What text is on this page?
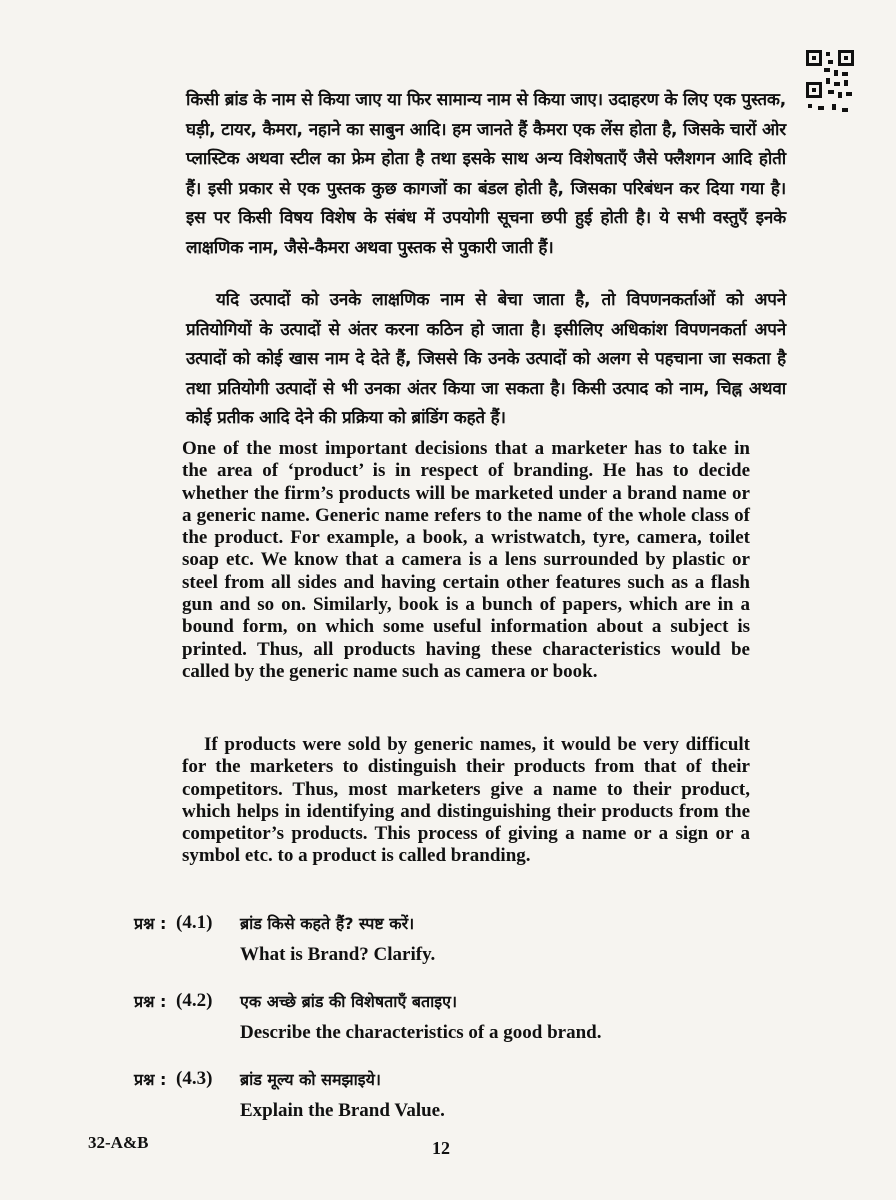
किसी ब्रांड के नाम से किया जाए या फिर सामान्य नाम से किया जाए। उदाहरण के लिए एक पुस्तक, घड़ी, टायर, कैमरा, नहाने का साबुन आदि। हम जानते हैं कैमरा एक लेंस होता है, जिसके चारों ओर प्लास्टिक अथवा स्टील का फ्रेम होता है तथा इसके साथ अन्य विशेषताएँ जैसे फ्लैशगन आदि होती हैं। इसी प्रकार से एक पुस्तक कुछ कागजों का बंडल होती है, जिसका परिबंधन कर दिया गया है। इस पर किसी विषय विशेष के संबंध में उपयोगी सूचना छपी हुई होती है। ये सभी वस्तुएँ इनके लाक्षणिक नाम, जैसे-कैमरा अथवा पुस्तक से पुकारी जाती हैं।
यदि उत्पादों को उनके लाक्षणिक नाम से बेचा जाता है, तो विपणनकर्ताओं को अपने प्रतियोगियों के उत्पादों से अंतर करना कठिन हो जाता है। इसीलिए अधिकांश विपणनकर्ता अपने उत्पादों को कोई खास नाम दे देते हैं, जिससे कि उनके उत्पादों को अलग से पहचाना जा सकता है तथा प्रतियोगी उत्पादों से भी उनका अंतर किया जा सकता है। किसी उत्पाद को नाम, चिह्न अथवा कोई प्रतीक आदि देने की प्रक्रिया को ब्रांडिंग कहते हैं।
One of the most important decisions that a marketer has to take in the area of ‘product’ is in respect of branding. He has to decide whether the firm’s products will be marketed under a brand name or a generic name. Generic name refers to the name of the whole class of the product. For example, a book, a wristwatch, tyre, camera, toilet soap etc. We know that a camera is a lens surrounded by plastic or steel from all sides and having certain other features such as a flash gun and so on. Similarly, book is a bunch of papers, which are in a bound form, on which some useful information about a subject is printed. Thus, all products having these characteristics would be called by the generic name such as camera or book.
If products were sold by generic names, it would be very difficult for the marketers to distinguish their products from that of their competitors. Thus, most marketers give a name to their product, which helps in identifying and distinguishing their products from the competitor’s products. This process of giving a name or a sign or a symbol etc. to a product is called branding.
प्रश्न : (4.1) ब्रांड किसे कहते हैं? स्पष्ट करें।
What is Brand? Clarify.
प्रश्न : (4.2) एक अच्छे ब्रांड की विशेषताएँ बताइए।
Describe the characteristics of a good brand.
प्रश्न : (4.3) ब्रांड मूल्य को समझाइये।
Explain the Brand Value.
32-A&B	12
